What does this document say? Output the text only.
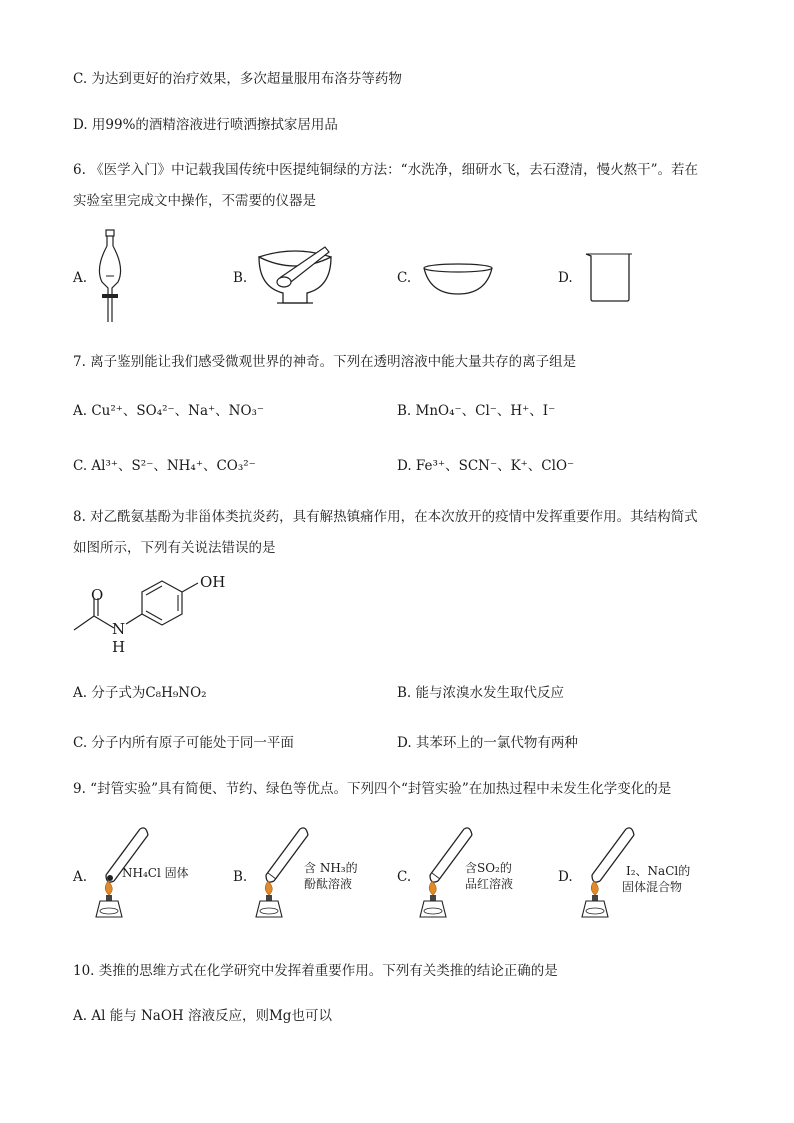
C. 为达到更好的治疗效果，多次超量服用布洛芬等药物
D. 用99%的酒精溶液进行喷洒擦拭家居用品
6. 《医学入门》中记载我国传统中医提纯铜绿的方法：“水洗净，细研水飞，去石澄清，慢火熬干”。若在
实验室里完成文中操作，不需要的仪器是
A.	B.	C.	D.
7. 离子鉴别能让我们感受微观世界的神奇。下列在透明溶液中能大量共存的离子组是
A. Cu²⁺、SO₄²⁻、Na⁺、NO₃⁻	B. MnO₄⁻、Cl⁻、H⁺、I⁻
C. Al³⁺、S²⁻、NH₄⁺、CO₃²⁻	D. Fe³⁺、SCN⁻、K⁺、ClO⁻
8. 对乙酰氨基酚为非甾体类抗炎药，具有解热镇痛作用，在本次放开的疫情中发挥重要作用。其结构简式
如图所示，下列有关说法错误的是
OH
O
N
H
A. 分子式为C₈H₉NO₂	B. 能与浓溴水发生取代反应
C. 分子内所有原子可能处于同一平面	D. 其苯环上的一氯代物有两种
9. “封管实验”具有简便、节约、绿色等优点。下列四个“封管实验”在加热过程中未发生化学变化的是
A.	NH₄Cl 固体	B.
含 NH₃的
酚酞溶液	C.
含SO₂的
品红溶液	D.	I₂、NaCl的
固体混合物
10. 类推的思维方式在化学研究中发挥着重要作用。下列有关类推的结论正确的是
A. Al 能与 NaOH 溶液反应，则Mg也可以
